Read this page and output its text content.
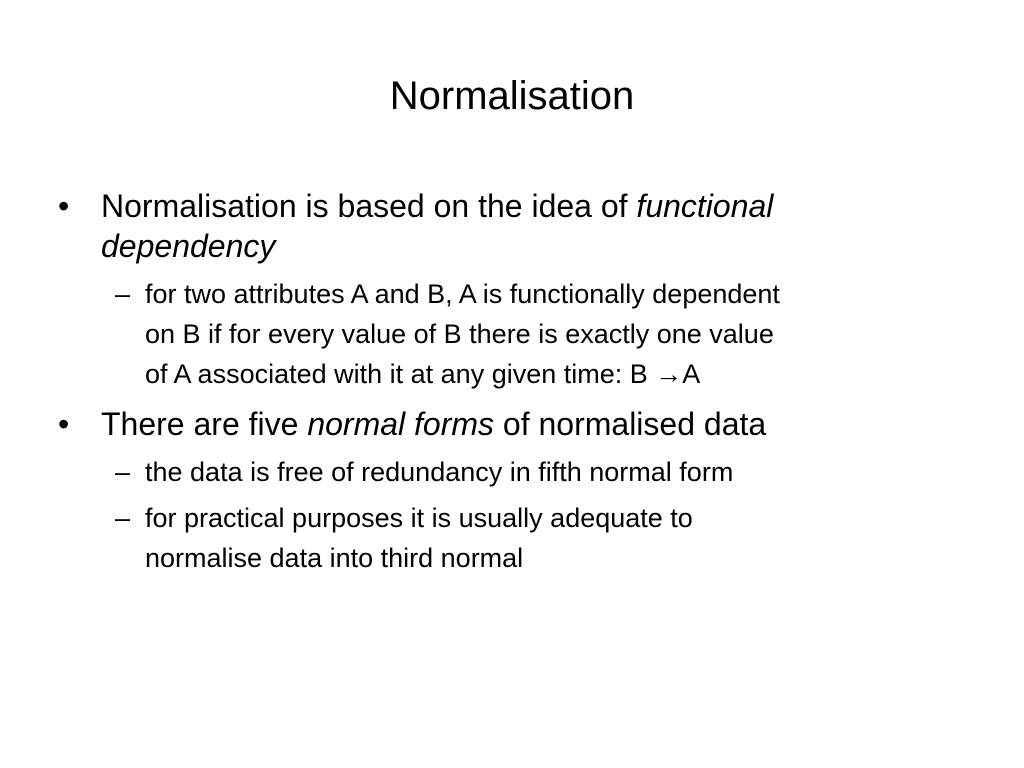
Normalisation
• Normalisation is based on the idea of functional
dependency
– for two attributes A and B, A is functionally dependent
on B if for every value of B there is exactly one value
of A associated with it at any given time: B →A
• There are five normal forms of normalised data
– the data is free of redundancy in fifth normal form
– for practical purposes it is usually adequate to
normalise data into third normal
